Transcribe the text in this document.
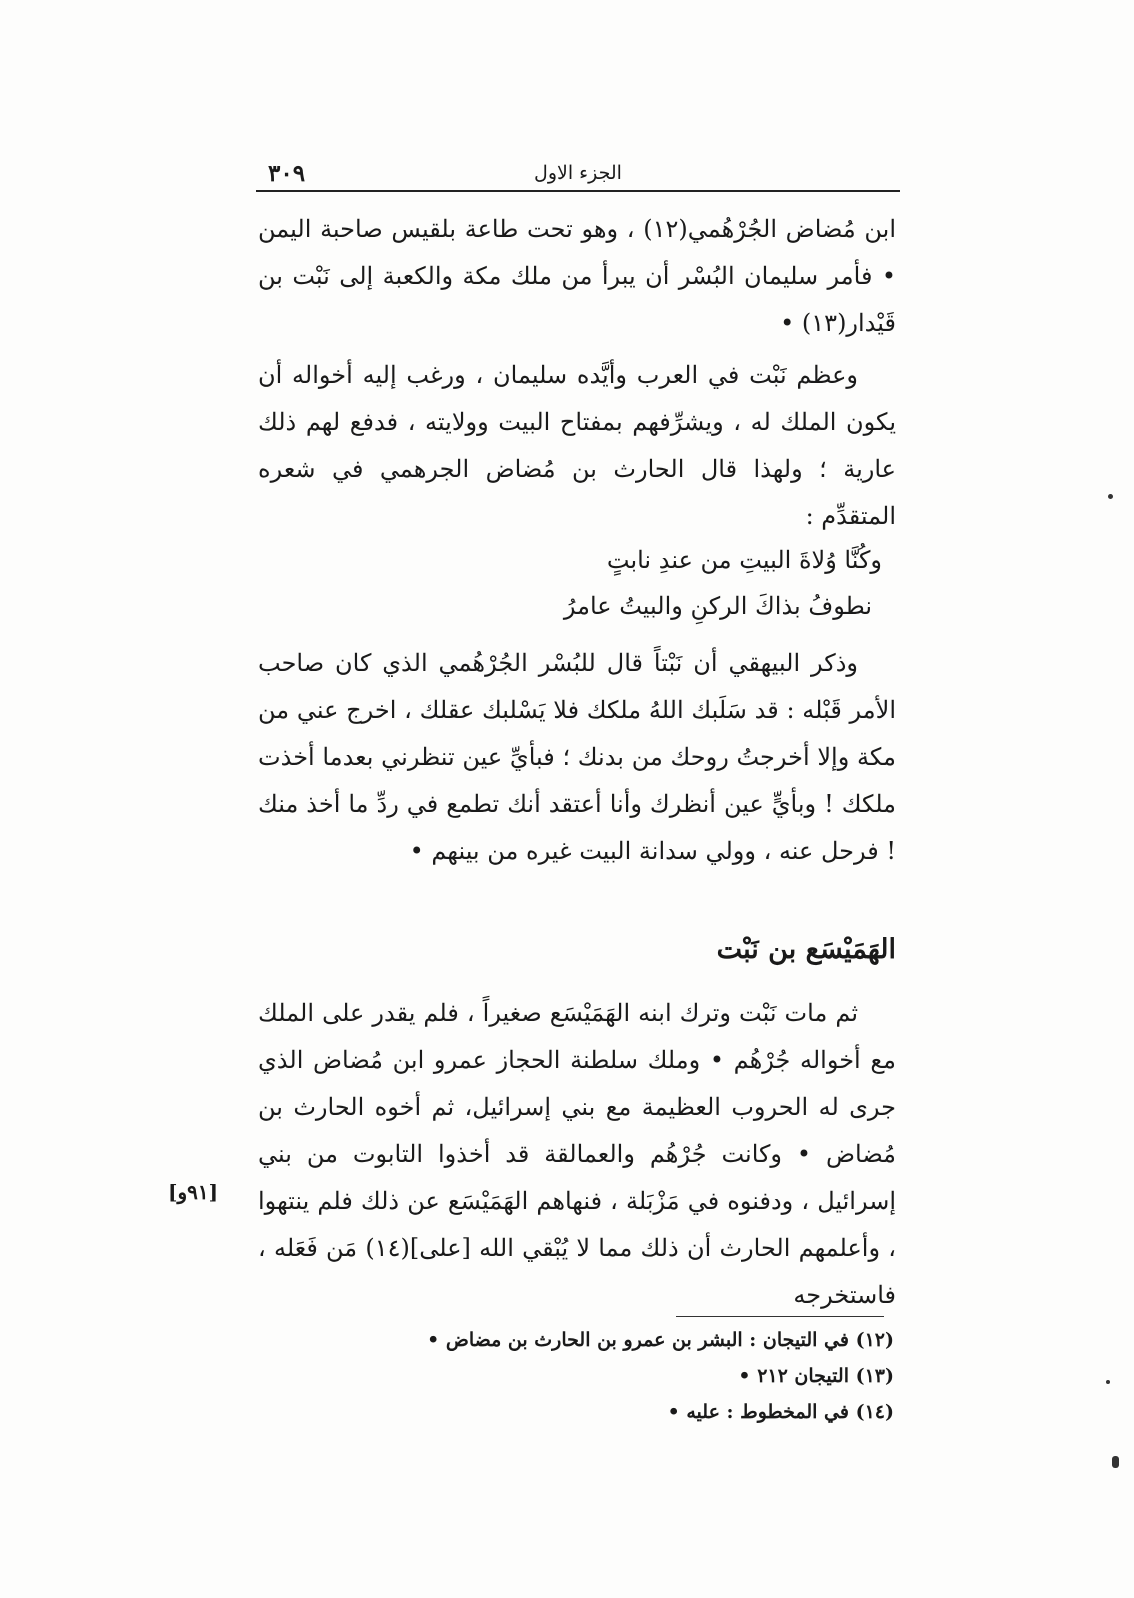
٣٠٩	الجزء الاول

ابن مُضاض الجُرْهُمي(١٢) ، وهو تحت طاعة بلقيس صاحبة اليمن • فأمر سليمان البُسْر أن يبرأ من ملك مكة والكعبة إلى نَبْت بن قَيْدار(١٣) •

وعظم نَبْت في العرب وأيَّده سليمان ، ورغب إليه أخواله أن يكون الملك له ، ويشرِّفهم بمفتاح البيت وولايته ، فدفع لهم ذلك عارية ؛ ولهذا قال الحارث بن مُضاض الجرهمي في شعره المتقدِّم :

وكُنَّا وُلاةَ البيتِ من عندِ نابتٍ
نطوفُ بذاكَ الركنِ والبيتُ عامرُ

وذكر البيهقي أن نَبْتاً قال للبُسْر الجُرْهُمي الذي كان صاحب الأمر قَبْله : قد سَلَبك اللهُ ملكك فلا يَسْلبك عقلك ، اخرج عني من مكة وإلا أخرجتُ روحك من بدنك ؛ فبأيِّ عين تنظرني بعدما أخذت ملكك ! وبأيٍّ عين أنظرك وأنا أعتقد أنك تطمع في ردِّ ما أخذ منك ! فرحل عنه ، وولي سدانة البيت غيره من بينهم •

الهَمَيْسَع بن نَبْت

ثم مات نَبْت وترك ابنه الهَمَيْسَع صغيراً ، فلم يقدر على الملك مع أخواله جُرْهُم • وملك سلطنة الحجاز عمرو ابن مُضاض الذي جرى له الحروب العظيمة مع بني إسرائيل، ثم أخوه الحارث بن مُضاض • وكانت جُرْهُم والعمالقة قد أخذوا التابوت من بني إسرائيل ، ودفنوه في مَزْبَلة ، فنهاهم الهَمَيْسَع عن ذلك فلم ينتهوا ، وأعلمهم الحارث أن ذلك مما لا يُبْقي الله [على](١٤) مَن فَعَله ، فاستخرجه

[٩١و]
(١٢) في التيجان : البشر بن عمرو بن الحارث بن مضاض •
(١٣) التيجان ٢١٢ •
(١٤) في المخطوط : عليه •
